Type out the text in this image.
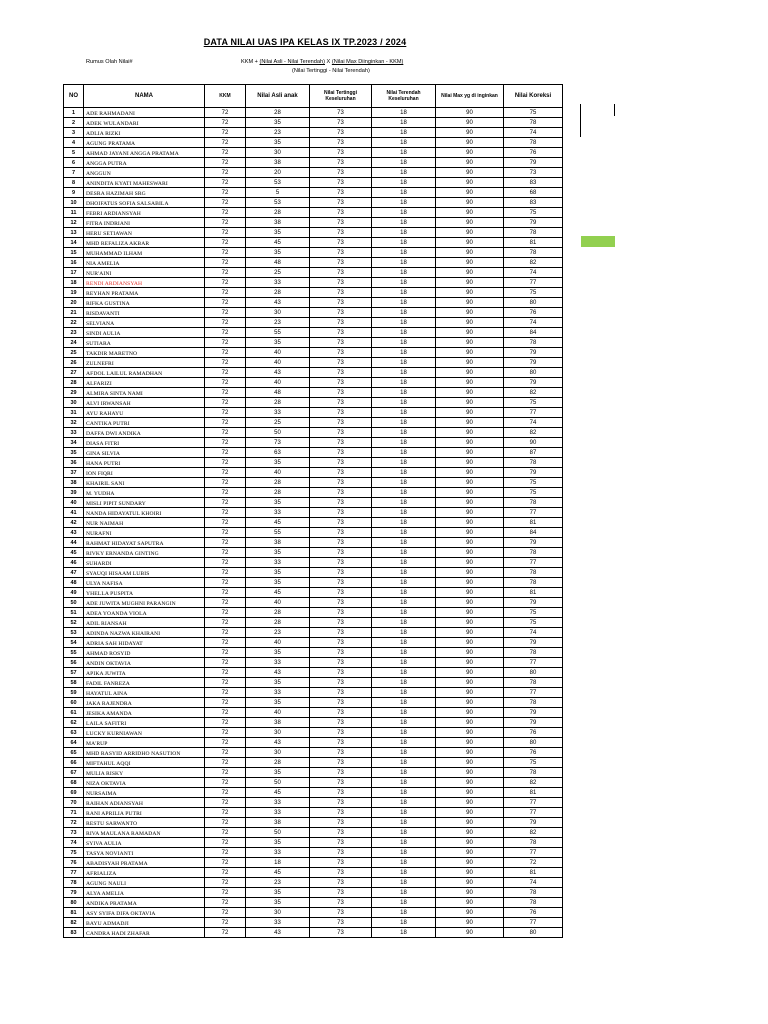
DATA NILAI UAS IPA KELAS IX TP.2023 / 2024
Rumus Olah Nilai#	KKM + (Nilai Asli - Nilai Terendah) X (Nilai Max Diinginkan - KKM)
(Nilai Tertinggi - Nilai Terendah)
NO	NAMA	KKM	Nilai Asli anak	Nilai Tertinggi Keseluruhan	Nilai Terendah Keseluruhan	Nilai Max yg di inginkan	Nilai Koreksi
1	ADE RAHMADANI	72	28	73	18	90	75
2	ADEK WULANDARI	72	35	73	18	90	78
3	ADLIA RIZKI	72	23	73	18	90	74
4	AGUNG PRATAMA	72	35	73	18	90	78
5	AHMAD JAYANI ANGGA PRATAMA	72	30	73	18	90	76
6	ANGGA PUTRA	72	38	73	18	90	79
7	ANGGUN	72	20	73	18	90	73
8	ANINDITA KYATI MAHESWARI	72	53	73	18	90	83
9	DESRA HAZIMAH SRG	72	5	73	18	90	68
10	DHOIFATUS SOFIA SALSABILA	72	53	73	18	90	83
11	FEBRI ARDIANSYAH	72	28	73	18	90	75
12	FITRA INDRIANI	72	38	73	18	90	79
13	HERU SETIAWAN	72	35	73	18	90	78
14	MHD REFALIZA AKBAR	72	45	73	18	90	81
15	MUHAMMAD ILHAM	72	35	73	18	90	78
16	NIA AMELIA	72	48	73	18	90	82
17	NUR'AINI	72	25	73	18	90	74
18	RENDI ARDIANSYAH	72	33	73	18	90	77
19	REYHAN PRATAMA	72	28	73	18	90	75
20	RIFKA GUSTINA	72	43	73	18	90	80
21	RISDAVANTI	72	30	73	18	90	76
22	SELVIANA	72	23	73	18	90	74
23	SINDI AULIA	72	55	73	18	90	84
24	SUTIARA	72	35	73	18	90	78
25	TAKDIR MARETNO	72	40	73	18	90	79
26	ZULNEFRI	72	40	73	18	90	79
27	AFDOL LAILUL RAMADHAN	72	43	73	18	90	80
28	ALFARIZI	72	40	73	18	90	79
29	ALMIRA SINTA NAMI	72	48	73	18	90	82
30	ALVI IRWANSAH	72	28	73	18	90	75
31	AYU RAHAYU	72	33	73	18	90	77
32	CANTIKA PUTRI	72	25	73	18	90	74
33	DAFFA DWI ANDIKA	72	50	73	18	90	82
34	DIASA FITRI	72	73	73	18	90	90
35	GINA SILVIA	72	63	73	18	90	87
36	HANA PUTRI	72	35	73	18	90	78
37	ION FIQRI	72	40	73	18	90	79
38	KHAIRIL SANI	72	28	73	18	90	75
39	M. YUDHA	72	28	73	18	90	75
40	MISLI PIPIT SUNDARY	72	35	73	18	90	78
41	NANDA HIDAYATUL KHOIRI	72	33	73	18	90	77
42	NUR NAIMAH	72	45	73	18	90	81
43	NURAFNI	72	55	73	18	90	84
44	RAHMAT HIDAYAT SAPUTRA	72	38	73	18	90	79
45	RIVKY ERNANDA GINTING	72	35	73	18	90	78
46	SUHARDI	72	33	73	18	90	77
47	SYAUQI HISAAM LUBIS	72	35	73	18	90	78
48	ULYA NAFISA	72	35	73	18	90	78
49	YHELLA PUSPITA	72	45	73	18	90	81
50	ADE JUWITA MUGHNI PARANGIN	72	40	73	18	90	79
51	ADEA YOANDA VIOLA	72	28	73	18	90	75
52	ADIL RIANSAH	72	28	73	18	90	75
53	ADINDA NAZWA KHAIRANI	72	23	73	18	90	74
54	ADRIA SAH HIDAYAT	72	40	73	18	90	79
55	AHMAD ROSYID	72	35	73	18	90	78
56	ANDIN OKTAVIA	72	33	73	18	90	77
57	APIKA JUWITA	72	43	73	18	90	80
58	FADIL FANREZA	72	35	73	18	90	78
59	HAYATUL AINA	72	33	73	18	90	77
60	JAKA RAJENDRA	72	35	73	18	90	78
61	JESIKA AMANDA	72	40	73	18	90	79
62	LAILA SAFITRI	72	38	73	18	90	79
63	LUCKY KURNIAWAN	72	30	73	18	90	76
64	MA'RUP	72	43	73	18	90	80
65	MHD RASYID ARRIDHO NASUTION	72	30	73	18	90	76
66	MIFTAHUL AQQI	72	28	73	18	90	75
67	MULIA RISKY	72	35	73	18	90	78
68	NIZA OKTAVIA	72	50	73	18	90	82
69	NURSAIMA	72	45	73	18	90	81
70	RAIHAN ADIANSYAH	72	33	73	18	90	77
71	RANI APRILIA PUTRI	72	33	73	18	90	77
72	RESTU SARWANTO	72	38	73	18	90	79
73	RIVA MAULANA RAMADAN	72	50	73	18	90	82
74	SYIVA AULIA	72	35	73	18	90	78
75	TASYA NOVIANTI	72	33	73	18	90	77
76	ABADISYAH PRATAMA	72	18	73	18	90	72
77	AFRIALIZA	72	45	73	18	90	81
78	AGUNG NAULI	72	23	73	18	90	74
79	ALYA AMELIA	72	35	73	18	90	78
80	ANDIKA PRATAMA	72	35	73	18	90	78
81	ASY SYIFA DIFA OKTAVIA	72	30	73	18	90	76
82	BAYU ADMADJI	72	33	73	18	90	77
83	CANDRA HADI ZHAFAR	72	43	73	18	90	80
